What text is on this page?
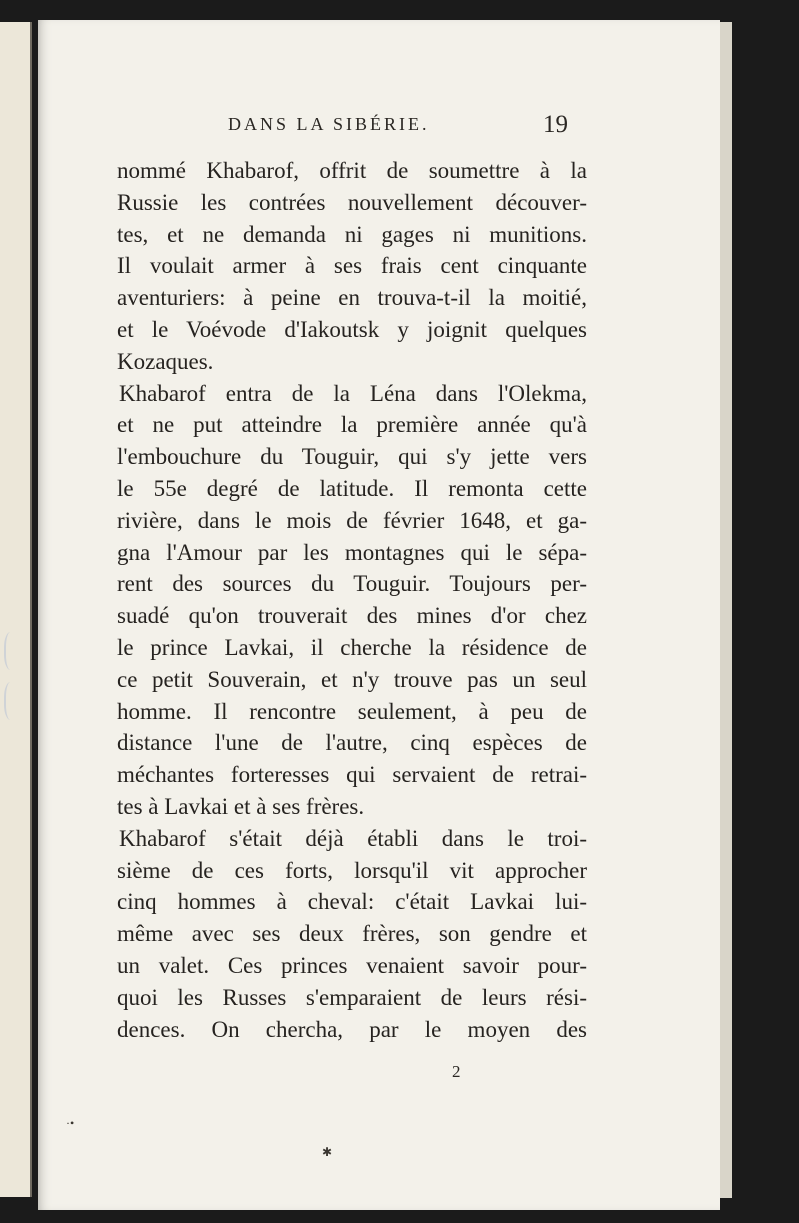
DANS LA SIBÉRIE.	19
nommé Khabarof, offrit de soumettre à la
Russie les contrées nouvellement découver-
tes, et ne demanda ni gages ni munitions.
Il voulait armer à ses frais cent cinquante
aventuriers: à peine en trouva-t-il la moitié,
et le Voévode d'Iakoutsk y joignit quelques
Kozaques.
Khabarof entra de la Léna dans l'Olekma,
et ne put atteindre la première année qu'à
l'embouchure du Touguir, qui s'y jette vers
le 55e degré de latitude. Il remonta cette
rivière, dans le mois de février 1648, et ga-
gna l'Amour par les montagnes qui le sépa-
rent des sources du Touguir. Toujours per-
suadé qu'on trouverait des mines d'or chez
le prince Lavkai, il cherche la résidence de
ce petit Souverain, et n'y trouve pas un seul
homme. Il rencontre seulement, à peu de
distance l'une de l'autre, cinq espèces de
méchantes forteresses qui servaient de retrai-
tes à Lavkai et à ses frères.
Khabarof s'était déjà établi dans le troi-
sième de ces forts, lorsqu'il vit approcher
cinq hommes à cheval: c'était Lavkai lui-
même avec ses deux frères, son gendre et
un valet. Ces princes venaient savoir pour-
quoi les Russes s'emparaient de leurs rési-
dences. On chercha, par le moyen des
2
·•
✱
